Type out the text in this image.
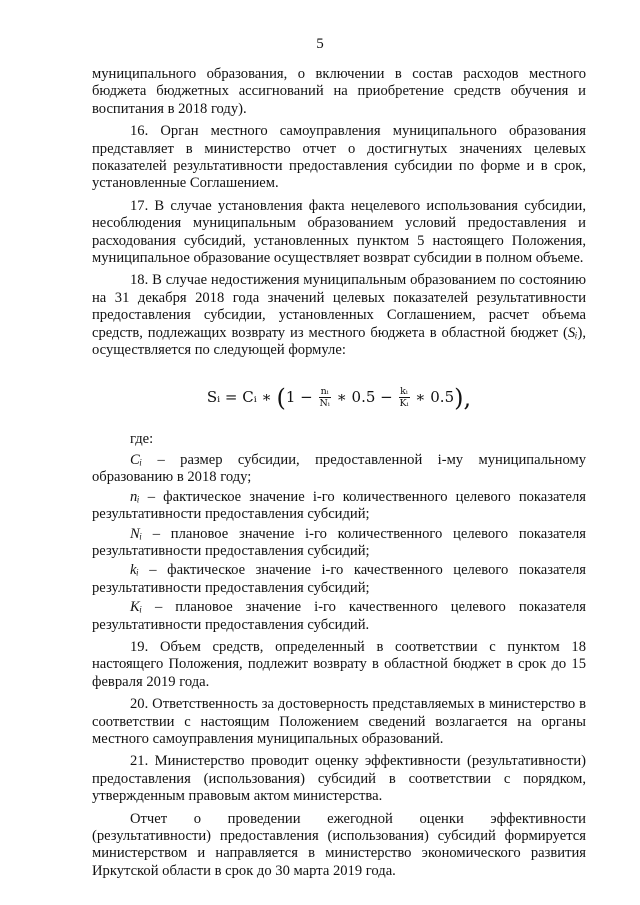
5

муниципального образования, о включении в состав расходов местного бюджета бюджетных ассигнований на приобретение средств обучения и воспитания в 2018 году).

16. Орган местного самоуправления муниципального образования представляет в министерство отчет о достигнутых значениях целевых показателей результативности предоставления субсидии по форме и в срок, установленные Соглашением.

17. В случае установления факта нецелевого использования субсидии, несоблюдения муниципальным образованием условий предоставления и расходования субсидий, установленных пунктом 5 настоящего Положения, муниципальное образование осуществляет возврат субсидии в полном объеме.

18. В случае недостижения муниципальным образованием по состоянию на 31 декабря 2018 года значений целевых показателей результативности предоставления субсидии, установленных Соглашением, расчет объема средств, подлежащих возврату из местного бюджета в областной бюджет (Sᵢ), осуществляется по следующей формуле:

Sᵢ = Cᵢ ∗ ($1 - \frac{\text{nᵢ}}{\text{Nᵢ}}$ ∗ $0.5 - \frac{\text{kᵢ}}{\text{Kᵢ}}$ ∗ 0.5),

где:

Cᵢ – размер субсидии, предоставленной i-му муниципальному образованию в 2018 году;

nᵢ – фактическое значение i-го количественного целевого показателя результативности предоставления субсидий;

Nᵢ – плановое значение i-го количественного целевого показателя результативности предоставления субсидий;

kᵢ – фактическое значение i-го качественного целевого показателя результативности предоставления субсидий;

Kᵢ – плановое значение i-го качественного целевого показателя результативности предоставления субсидий.

19. Объем средств, определенный в соответствии с пунктом 18 настоящего Положения, подлежит возврату в областной бюджет в срок до 15 февраля 2019 года.

20. Ответственность за достоверность представляемых в министерство в соответствии с настоящим Положением сведений возлагается на органы местного самоуправления муниципальных образований.

21. Министерство проводит оценку эффективности (результативности) предоставления (использования) субсидий в соответствии с порядком, утвержденным правовым актом министерства.

Отчет о проведении ежегодной оценки эффективности (результативности) предоставления (использования) субсидий формируется министерством и направляется в министерство экономического развития Иркутской области в срок до 30 марта 2019 года.
